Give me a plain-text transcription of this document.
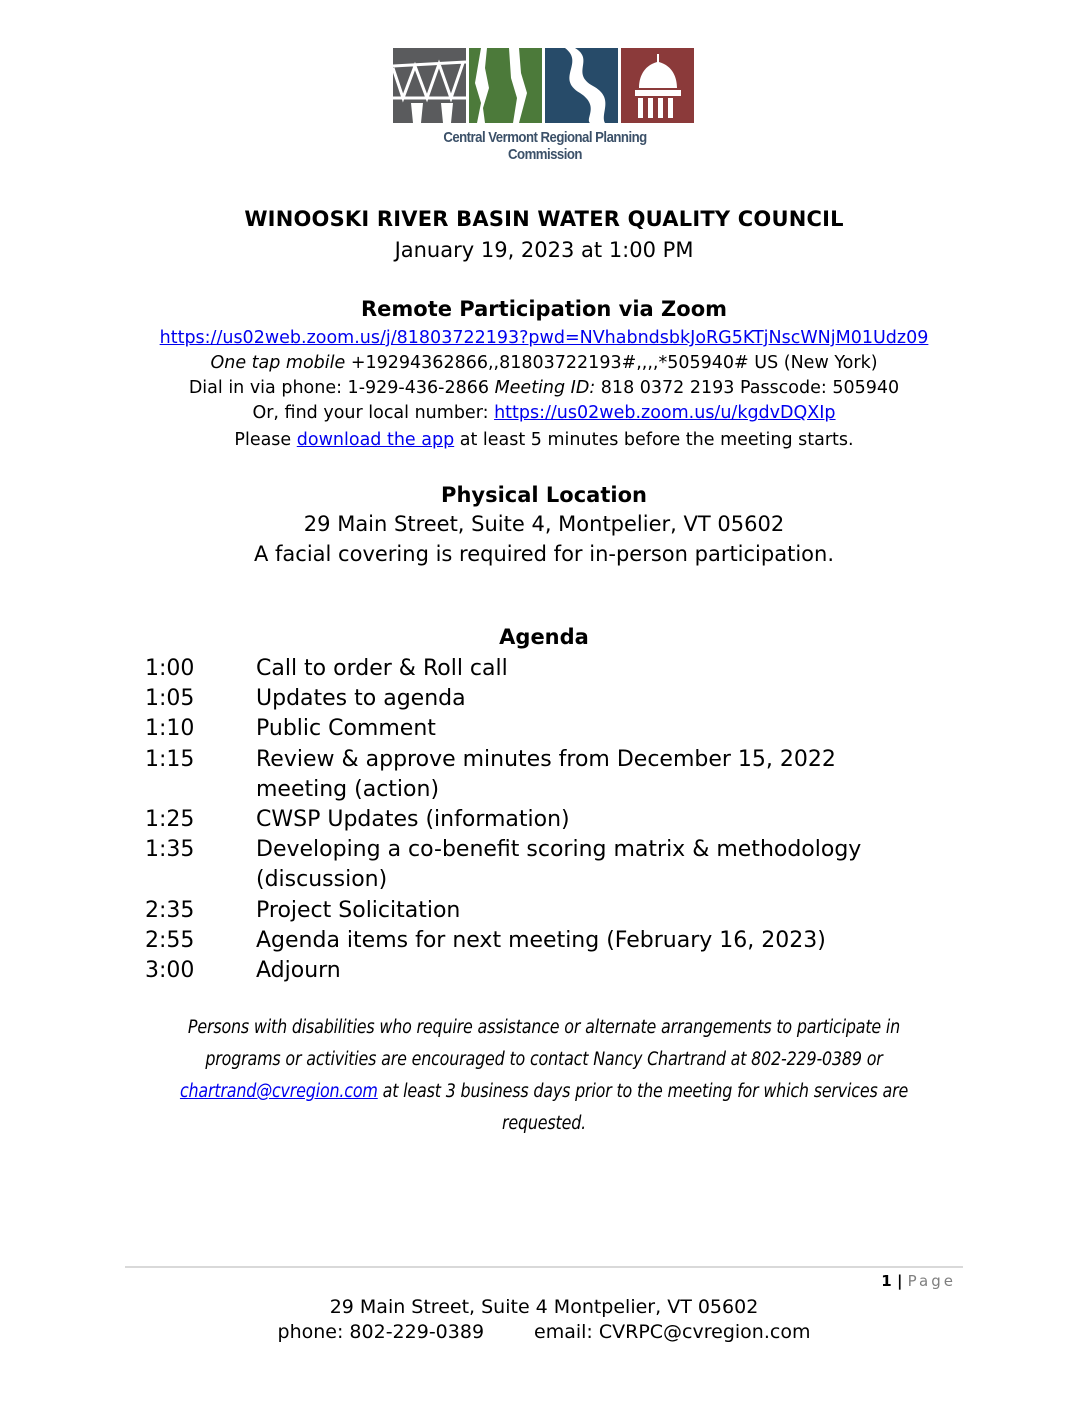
Central Vermont Regional Planning Commission
WINOOSKI RIVER BASIN WATER QUALITY COUNCIL
January 19, 2023 at 1:00 PM
Remote Participation via Zoom
https://us02web.zoom.us/j/81803722193?pwd=NVhabndsbkJoRG5KTjNscWNjM01Udz09
One tap mobile +19294362866,,81803722193#,,,,*505940# US (New York)
Dial in via phone: 1-929-436-2866 Meeting ID: 818 0372 2193 Passcode: 505940
Or, find your local number: https://us02web.zoom.us/u/kgdvDQXIp
Please download the app at least 5 minutes before the meeting starts.
Physical Location
29 Main Street, Suite 4, Montpelier, VT 05602
A facial covering is required for in-person participation.
Agenda
1:00	Call to order & Roll call
1:05	Updates to agenda
1:10	Public Comment
1:15	Review & approve minutes from December 15, 2022 meeting (action)
1:25	CWSP Updates (information)
1:35	Developing a co-benefit scoring matrix & methodology (discussion)
2:35	Project Solicitation
2:55	Agenda items for next meeting (February 16, 2023)
3:00	Adjourn
Persons with disabilities who require assistance or alternate arrangements to participate in programs or activities are encouraged to contact Nancy Chartrand at 802-229-0389 or chartrand@cvregion.com at least 3 business days prior to the meeting for which services are requested.
1 | Page
29 Main Street, Suite 4 Montpelier, VT 05602
phone: 802-229-0389	email: CVRPC@cvregion.com
